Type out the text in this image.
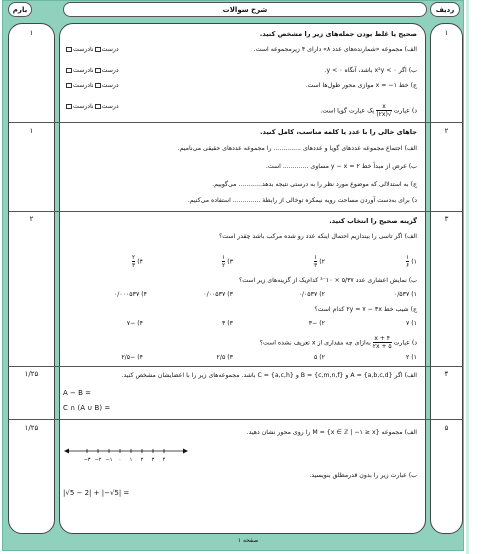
بارم	شرح سوالات	ردیف
۱
۲
۳
۴
۵
۱
۱
۲
۱/۲۵
۱/۲۵
صحیح یا غلط بودن جمله‌های زیر را مشخص کنید.
الف) مجموعه «شمارنده‌های عدد ۸» دارای ۴ زیرمجموعه است.
ب) اگر x²y < ۰ باشد، آنگاه y < ۰.
ج) خط x = −۱ موازی محور طول‌ها است.
د) عبارت
$\frac{x}{√(۲x)}$
یک عبارت گویا است.
درستنادرست
درستنادرست
درستنادرست
درستنادرست
جاهای خالی را با عدد یا کلمه مناسب، کامل کنید.
الف) اجتماع مجموعه عددهای گویا و عددهای .............. را مجموعه عددهای حقیقی می‌نامیم.
ب) عرض از مبدأ خط y − x = ۲ مساوی ............. است.
ج) به استدلالی که موضوع مورد نظر را به درستی نتیجه بدهد............ می‌گوییم.
د) برای به‌دست آوردن مساحت رویه نیمکره توخالی از رابطهٔ .............. استفاده می‌کنیم.
گزینه صحیح را انتخاب کنید.
الف) اگر تاسی را بیندازیم احتمال اینکه عدد رو شده مرکب باشد چقدر است؟
۱)
$\frac{۱}{۶}$
۲)
$\frac{۱}{۳}$
۳)
$\frac{۱}{۲}$
۴)
$\frac{۲}{۳}$
ب) نمایش اعشاری عدد ۵/۳۷ × ۱۰⁻³ کدام‌یک از گزینه‌های زیر است؟
۱) ۰/۵۳۷
۲) ۰/۰۵۳۷
۳) ۰/۰۰۵۳۷
۴) ۰/۰۰۰۵۳۷
ج) شیب خط ۲y = ۷ − ۳x کدام است؟
۱) ۷
۲) −۳
۳) ۳
۴) −۷
د) عبارت
$\frac{۴ + x}{۲x + ۵}$
به‌ازای چه مقداری از x تعریف نشده است؟
۱) ۲
۲) ۵
۳) ۲/۵
۴) −۲/۵
الف) اگر A = {a,b,c,d} و B = {c,m,n,f} و C = {a,c,h} باشد. مجموعه‌های زیر را با اعضایشان مشخص کنید.
A − B =
C ∩ (A ∪ B) =
الف) مجموعه M = {x ∈ ℤ | −۱ ≥ x} را روی محور نشان دهید.
−۳ −۲ −۱ ۰ ۱ ۲ ۳ ۴
ب) عبارت زیر را بدون قدرمطلق بنویسید.
|√5 − 2| + |−√5| =
صفحه ۱
